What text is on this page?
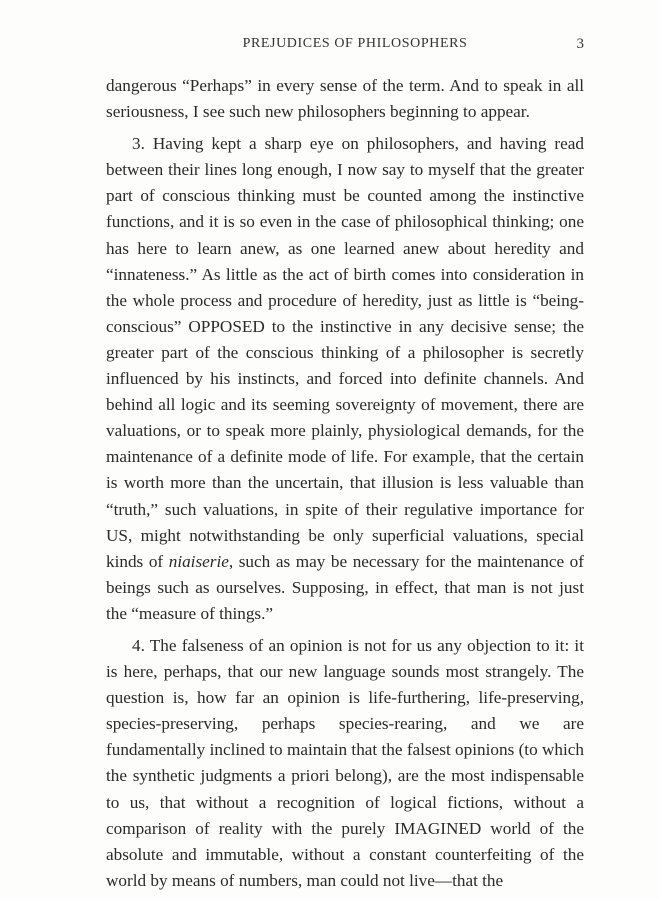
PREJUDICES OF PHILOSOPHERS	3

dangerous “Perhaps” in every sense of the term. And to speak in all seriousness, I see such new philosophers beginning to appear.

3. Having kept a sharp eye on philosophers, and having read between their lines long enough, I now say to myself that the greater part of conscious thinking must be counted among the instinctive functions, and it is so even in the case of philosophical thinking; one has here to learn anew, as one learned anew about heredity and “innateness.” As little as the act of birth comes into consideration in the whole process and procedure of heredity, just as little is “being-conscious” OPPOSED to the instinctive in any decisive sense; the greater part of the conscious thinking of a philosopher is secretly influenced by his instincts, and forced into definite channels. And behind all logic and its seeming sovereignty of movement, there are valuations, or to speak more plainly, physiological demands, for the maintenance of a definite mode of life. For example, that the certain is worth more than the uncertain, that illusion is less valuable than “truth,” such valuations, in spite of their regulative importance for US, might notwithstanding be only superficial valuations, special kinds of niaiserie, such as may be necessary for the maintenance of beings such as ourselves. Supposing, in effect, that man is not just the “measure of things.”

4. The falseness of an opinion is not for us any objection to it: it is here, perhaps, that our new language sounds most strangely. The question is, how far an opinion is life-furthering, life-preserving, species-preserving, perhaps species-rearing, and we are fundamentally inclined to maintain that the falsest opinions (to which the synthetic judgments a priori belong), are the most indispensable to us, that without a recognition of logical fictions, without a comparison of reality with the purely IMAGINED world of the absolute and immutable, without a constant counterfeiting of the world by means of numbers, man could not live—that the
